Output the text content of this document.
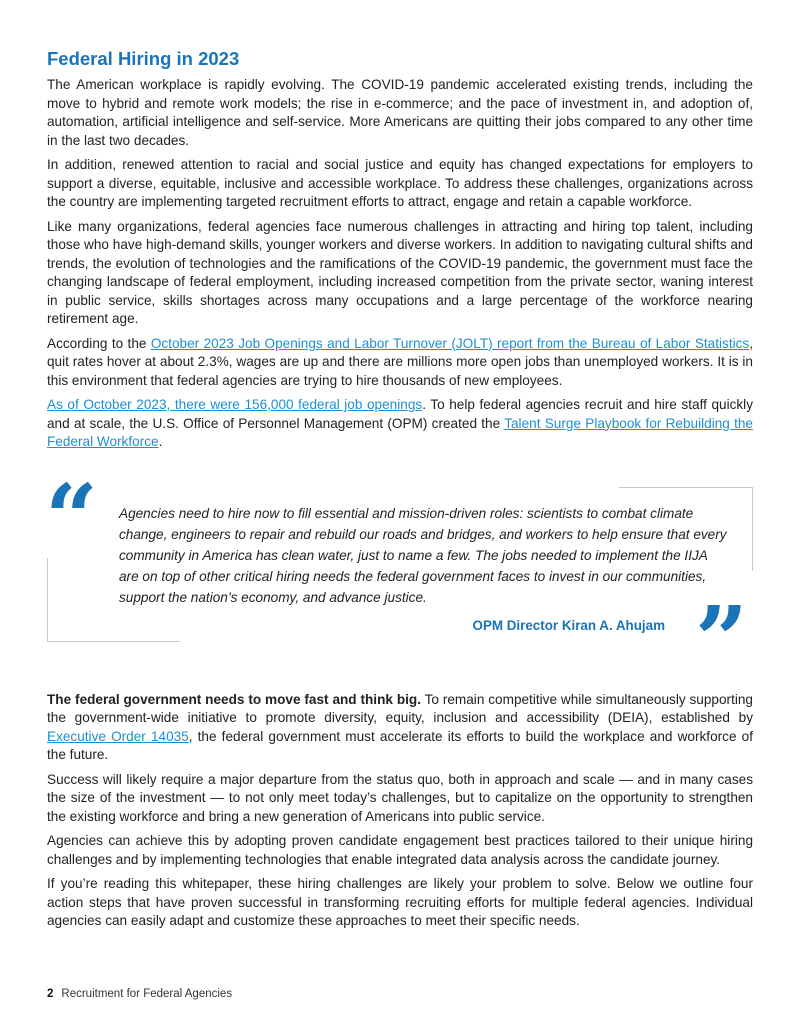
Federal Hiring in 2023

The American workplace is rapidly evolving. The COVID-19 pandemic accelerated existing trends, including the move to hybrid and remote work models; the rise in e-commerce; and the pace of investment in, and adoption of, automation, artificial intelligence and self-service. More Americans are quitting their jobs compared to any other time in the last two decades.

In addition, renewed attention to racial and social justice and equity has changed expectations for employers to support a diverse, equitable, inclusive and accessible workplace. To address these challenges, organizations across the country are implementing targeted recruitment efforts to attract, engage and retain a capable workforce.

Like many organizations, federal agencies face numerous challenges in attracting and hiring top talent, including those who have high-demand skills, younger workers and diverse workers. In addition to navigating cultural shifts and trends, the evolution of technologies and the ramifications of the COVID-19 pandemic, the government must face the changing landscape of federal employment, including increased competition from the private sector, waning interest in public service, skills shortages across many occupations and a large percentage of the workforce nearing retirement age.

According to the October 2023 Job Openings and Labor Turnover (JOLT) report from the Bureau of Labor Statistics, quit rates hover at about 2.3%, wages are up and there are millions more open jobs than unemployed workers. It is in this environment that federal agencies are trying to hire thousands of new employees.

As of October 2023, there were 156,000 federal job openings. To help federal agencies recruit and hire staff quickly and at scale, the U.S. Office of Personnel Management (OPM) created the Talent Surge Playbook for Rebuilding the Federal Workforce.

“ Agencies need to hire now to fill essential and mission-driven roles: scientists to combat climate change, engineers to repair and rebuild our roads and bridges, and workers to help ensure that every community in America has clean water, just to name a few. The jobs needed to implement the IIJA are on top of other critical hiring needs the federal government faces to invest in our communities, support the nation’s economy, and advance justice.
OPM Director Kiran A. Ahujam ”

The federal government needs to move fast and think big. To remain competitive while simultaneously supporting the government-wide initiative to promote diversity, equity, inclusion and accessibility (DEIA), established by Executive Order 14035, the federal government must accelerate its efforts to build the workplace and workforce of the future.

Success will likely require a major departure from the status quo, both in approach and scale — and in many cases the size of the investment — to not only meet today’s challenges, but to capitalize on the opportunity to strengthen the existing workforce and bring a new generation of Americans into public service.

Agencies can achieve this by adopting proven candidate engagement best practices tailored to their unique hiring challenges and by implementing technologies that enable integrated data analysis across the candidate journey.

If you’re reading this whitepaper, these hiring challenges are likely your problem to solve. Below we outline four action steps that have proven successful in transforming recruiting efforts for multiple federal agencies. Individual agencies can easily adapt and customize these approaches to meet their specific needs.

2 Recruitment for Federal Agencies
